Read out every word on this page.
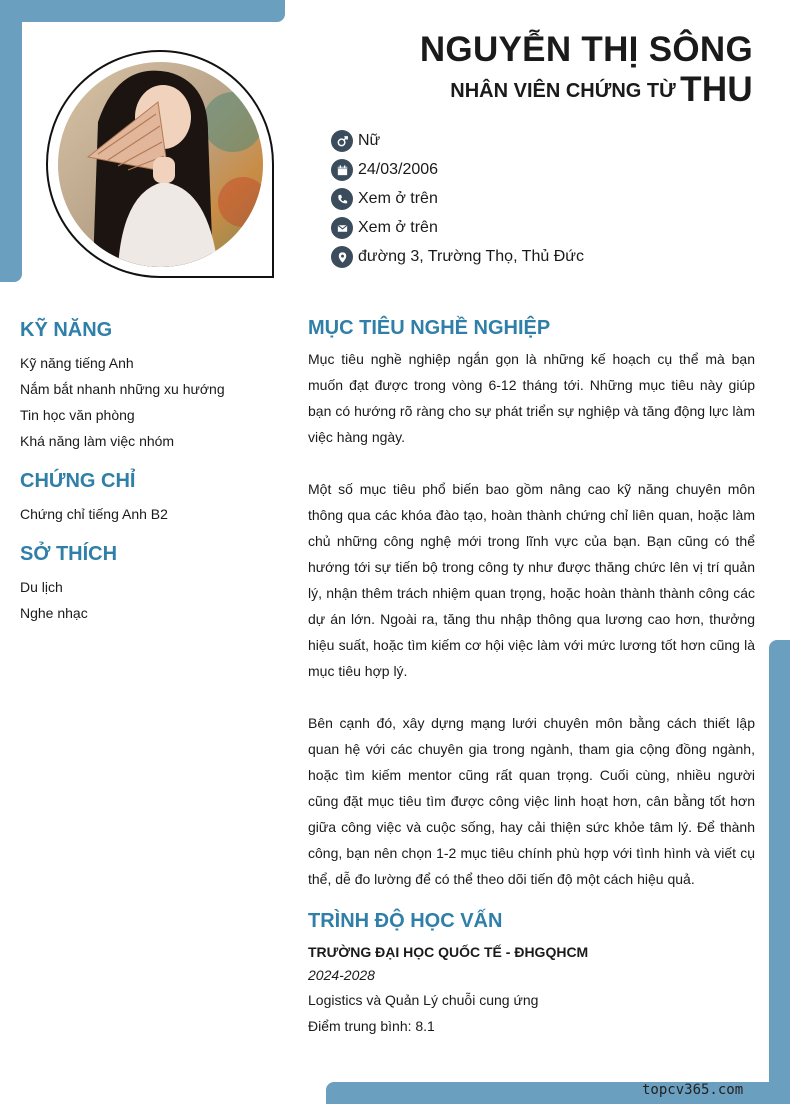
NGUYỄN THỊ SÔNG THU
NHÂN VIÊN CHỨNG TỪ
Nữ
24/03/2006
Xem ở trên
Xem ở trên
đường 3, Trường Thọ, Thủ Đức
KỸ NĂNG
Kỹ năng tiếng Anh
Nắm bắt nhanh những xu hướng
Tin học văn phòng
Khá năng làm việc nhóm
CHỨNG CHỈ
Chứng chỉ tiếng Anh B2
SỞ THÍCH
Du lịch
Nghe nhạc
MỤC TIÊU NGHỀ NGHIỆP
Mục tiêu nghề nghiệp ngắn gọn là những kế hoạch cụ thể mà bạn muốn đạt được trong vòng 6-12 tháng tới. Những mục tiêu này giúp bạn có hướng rõ ràng cho sự phát triển sự nghiệp và tăng động lực làm việc hàng ngày.
Một số mục tiêu phổ biến bao gồm nâng cao kỹ năng chuyên môn thông qua các khóa đào tạo, hoàn thành chứng chỉ liên quan, hoặc làm chủ những công nghệ mới trong lĩnh vực của bạn. Bạn cũng có thể hướng tới sự tiến bộ trong công ty như được thăng chức lên vị trí quản lý, nhận thêm trách nhiệm quan trọng, hoặc hoàn thành thành công các dự án lớn. Ngoài ra, tăng thu nhập thông qua lương cao hơn, thưởng hiệu suất, hoặc tìm kiếm cơ hội việc làm với mức lương tốt hơn cũng là mục tiêu hợp lý.
Bên cạnh đó, xây dựng mạng lưới chuyên môn bằng cách thiết lập quan hệ với các chuyên gia trong ngành, tham gia cộng đồng ngành, hoặc tìm kiếm mentor cũng rất quan trọng. Cuối cùng, nhiều người cũng đặt mục tiêu tìm được công việc linh hoạt hơn, cân bằng tốt hơn giữa công việc và cuộc sống, hay cải thiện sức khỏe tâm lý. Để thành công, bạn nên chọn 1-2 mục tiêu chính phù hợp với tình hình và viết cụ thể, dễ đo lường để có thể theo dõi tiến độ một cách hiệu quả.
TRÌNH ĐỘ HỌC VẤN
TRƯỜNG ĐẠI HỌC QUỐC TẾ - ĐHGQHCM
2024-2028
Logistics và Quản Lý chuỗi cung ứng
Điểm trung bình: 8.1
topcv365.com
